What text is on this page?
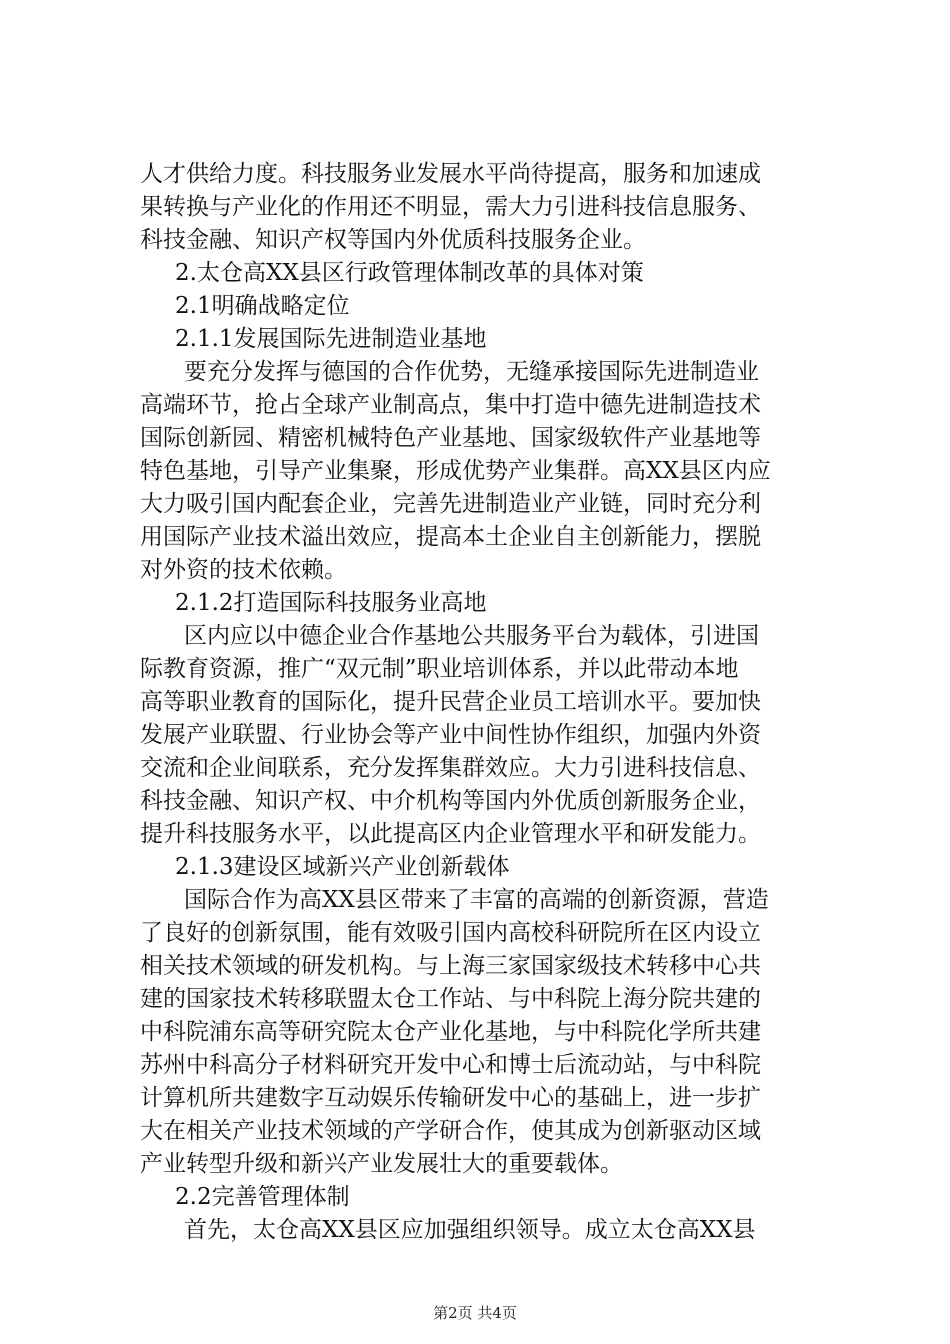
人才供给力度。科技服务业发展水平尚待提高，服务和加速成
果转换与产业化的作用还不明显，需大力引进科技信息服务、
科技金融、知识产权等国内外优质科技服务企业。
2.太仓高XX县区行政管理体制改革的具体对策
2.1明确战略定位
2.1.1发展国际先进制造业基地
要充分发挥与德国的合作优势，无缝承接国际先进制造业
高端环节，抢占全球产业制高点，集中打造中德先进制造技术
国际创新园、精密机械特色产业基地、国家级软件产业基地等
特色基地，引导产业集聚，形成优势产业集群。高XX县区内应
大力吸引国内配套企业，完善先进制造业产业链，同时充分利
用国际产业技术溢出效应，提高本土企业自主创新能力，摆脱
对外资的技术依赖。
2.1.2打造国际科技服务业高地
区内应以中德企业合作基地公共服务平台为载体，引进国
际教育资源，推广“双元制”职业培训体系，并以此带动本地
高等职业教育的国际化，提升民营企业员工培训水平。要加快
发展产业联盟、行业协会等产业中间性协作组织，加强内外资
交流和企业间联系，充分发挥集群效应。大力引进科技信息、
科技金融、知识产权、中介机构等国内外优质创新服务企业，
提升科技服务水平，以此提高区内企业管理水平和研发能力。
2.1.3建设区域新兴产业创新载体
国际合作为高XX县区带来了丰富的高端的创新资源，营造
了良好的创新氛围，能有效吸引国内高校科研院所在区内设立
相关技术领域的研发机构。与上海三家国家级技术转移中心共
建的国家技术转移联盟太仓工作站、与中科院上海分院共建的
中科院浦东高等研究院太仓产业化基地，与中科院化学所共建
苏州中科高分子材料研究开发中心和博士后流动站，与中科院
计算机所共建数字互动娱乐传输研发中心的基础上，进一步扩
大在相关产业技术领域的产学研合作，使其成为创新驱动区域
产业转型升级和新兴产业发展壮大的重要载体。
2.2完善管理体制
首先，太仓高XX县区应加强组织领导。成立太仓高XX县
第2页 共4页
